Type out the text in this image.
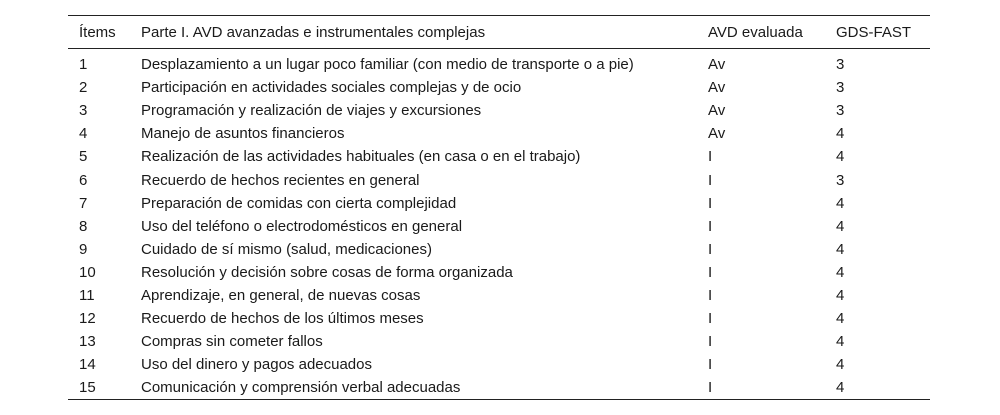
Ítems	Parte I. AVD avanzadas e instrumentales complejas	AVD evaluada	GDS-FAST
1	Desplazamiento a un lugar poco familiar (con medio de transporte o a pie)	Av	3
2	Participación en actividades sociales complejas y de ocio	Av	3
3	Programación y realización de viajes y excursiones	Av	3
4	Manejo de asuntos financieros	Av	4
5	Realización de las actividades habituales (en casa o en el trabajo)	I	4
6	Recuerdo de hechos recientes en general	I	3
7	Preparación de comidas con cierta complejidad	I	4
8	Uso del teléfono o electrodomésticos en general	I	4
9	Cuidado de sí mismo (salud, medicaciones)	I	4
10	Resolución y decisión sobre cosas de forma organizada	I	4
11	Aprendizaje, en general, de nuevas cosas	I	4
12	Recuerdo de hechos de los últimos meses	I	4
13	Compras sin cometer fallos	I	4
14	Uso del dinero y pagos adecuados	I	4
15	Comunicación y comprensión verbal adecuadas	I	4
